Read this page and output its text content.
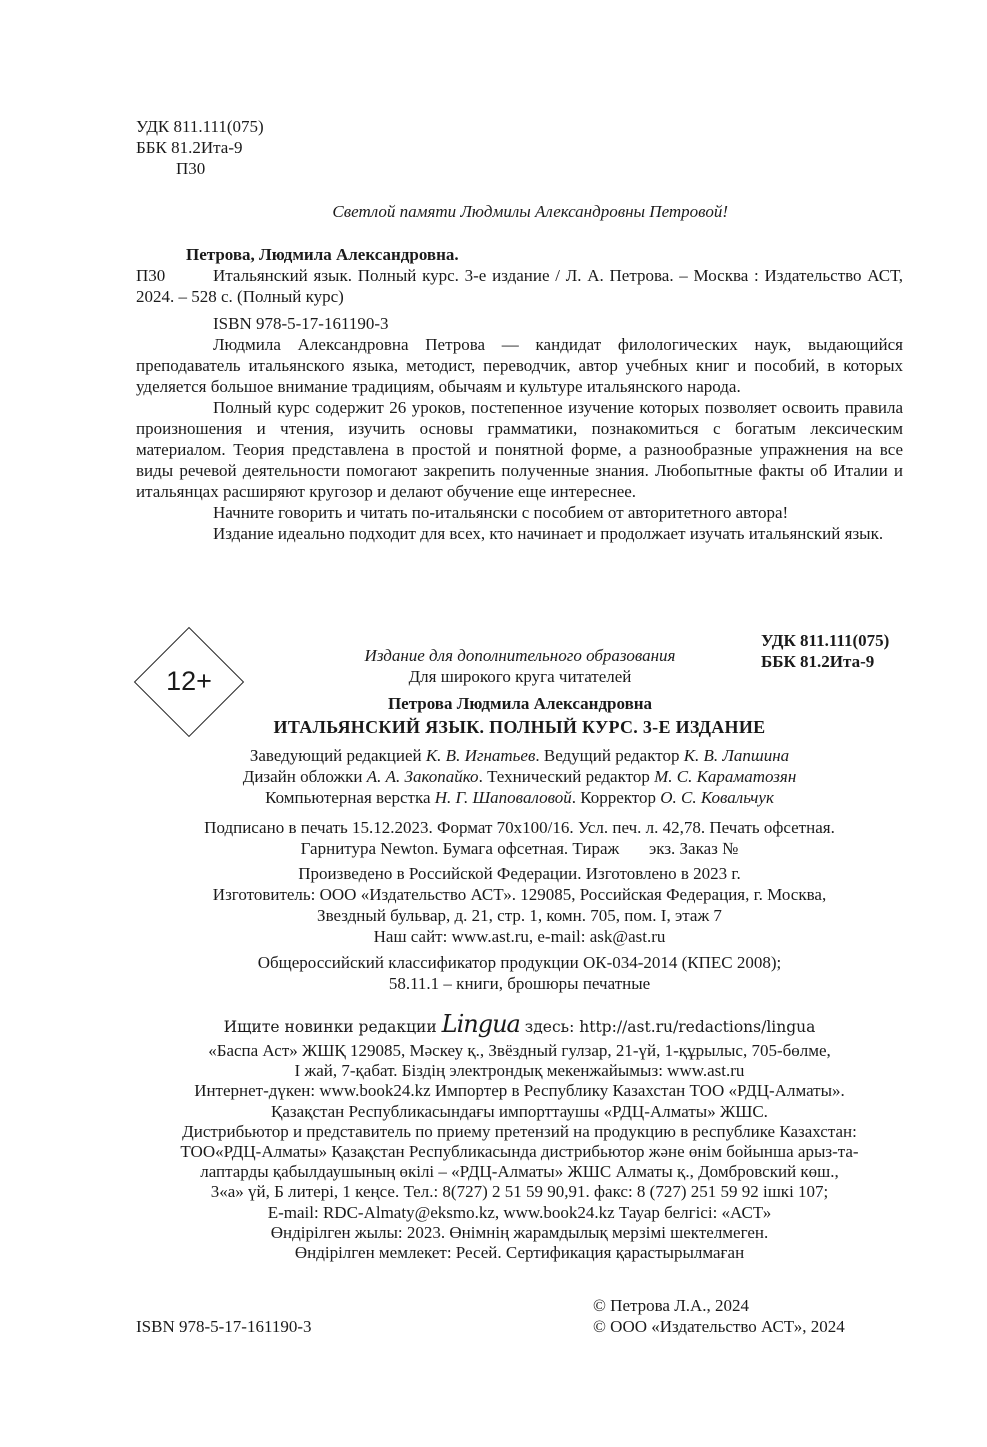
УДК 811.111(075)
ББК 81.2Ита-9
П30
Светлой памяти Людмилы Александровны Петровой!
Петрова, Людмила Александровна.
П30	Итальянский язык. Полный курс. 3-е издание / Л. А. Петрова. – Москва : Издательство АСТ, 2024. – 528 с. (Полный курс)
ISBN 978-5-17-161190-3

Людмила Александровна Петрова — кандидат филологических наук, выдающийся преподаватель итальянского языка, методист, переводчик, автор учебных книг и пособий, в которых уделяется большое внимание традициям, обычаям и культуре итальянского народа.

Полный курс содержит 26 уроков, постепенное изучение которых позволяет освоить правила произношения и чтения, изучить основы грамматики, познакомиться с богатым лексическим материалом. Теория представлена в простой и понятной форме, а разнообразные упражнения на все виды речевой деятельности помогают закрепить полученные знания. Любопытные факты об Италии и итальянцах расширяют кругозор и делают обучение еще интереснее.

Начните говорить и читать по-итальянски с пособием от авторитетного автора!

Издание идеально подходит для всех, кто начинает и продолжает изучать итальянский язык.

УДК 811.111(075)
ББК 81.2Ита-9
12+
Издание для дополнительного образования
Для широкого круга читателей
Петрова Людмила Александровна
ИТАЛЬЯНСКИЙ ЯЗЫК. ПОЛНЫЙ КУРС. 3-Е ИЗДАНИЕ
Заведующий редакцией К. В. Игнатьев. Ведущий редактор К. В. Лапшина
Дизайн обложки А. А. Закопайко. Технический редактор М. С. Караматозян
Компьютерная верстка Н. Г. Шаповаловой. Корректор О. С. Ковальчук
Подписано в печать 15.12.2023. Формат 70x100/16. Усл. печ. л. 42,78. Печать офсетная.
Гарнитура Newton. Бумага офсетная. Тираж       экз. Заказ №
Произведено в Российской Федерации. Изготовлено в 2023 г.
Изготовитель: ООО «Издательство АСТ». 129085, Российская Федерация, г. Москва,
Звездный бульвар, д. 21, стр. 1, комн. 705, пом. I, этаж 7
Наш сайт: www.ast.ru, e-mail: ask@ast.ru
Общероссийский классификатор продукции ОК-034-2014 (КПЕС 2008);
58.11.1 – книги, брошюры печатные
Ищите новинки редакции Lingua здесь: http://ast.ru/redactions/lingua
«Баспа Аст» ЖШҚ 129085, Мәскеу қ., Звёздный гулзар, 21-үй, 1-құрылыс, 705-бөлме,
I жай, 7-қабат. Біздің электрондық мекенжайымыз: www.ast.ru
Интернет-дүкен: www.book24.kz Импортер в Республику Казахстан ТОО «РДЦ-Алматы».
Қазақстан Республикасындағы импорттаушы «РДЦ-Алматы» ЖШС.
Дистрибьютор и представитель по приему претензий на продукцию в республике Казахстан:
ТОО«РДЦ-Алматы» Қазақстан Республикасында дистрибьютор және өнім бойынша арыз-та-
лаптарды қабылдаушының өкілі – «РДЦ-Алматы» ЖШС Алматы қ., Домбровский көш.,
3«а» үй, Б литері, 1 кеңсе. Тел.: 8(727) 2 51 59 90,91. факс: 8 (727) 251 59 92 ішкі 107;
E-mail: RDC-Almaty@eksmo.kz, www.book24.kz Тауар белгісі: «АСТ»
Өндірілген жылы: 2023. Өнімнің жарамдылық мерзімі шектелмеген.
Өндірілген мемлекет: Ресей. Сертификация қарастырылмаған
ISBN 978-5-17-161190-3
© Петрова Л.А., 2024
© ООО «Издательство АСТ», 2024
